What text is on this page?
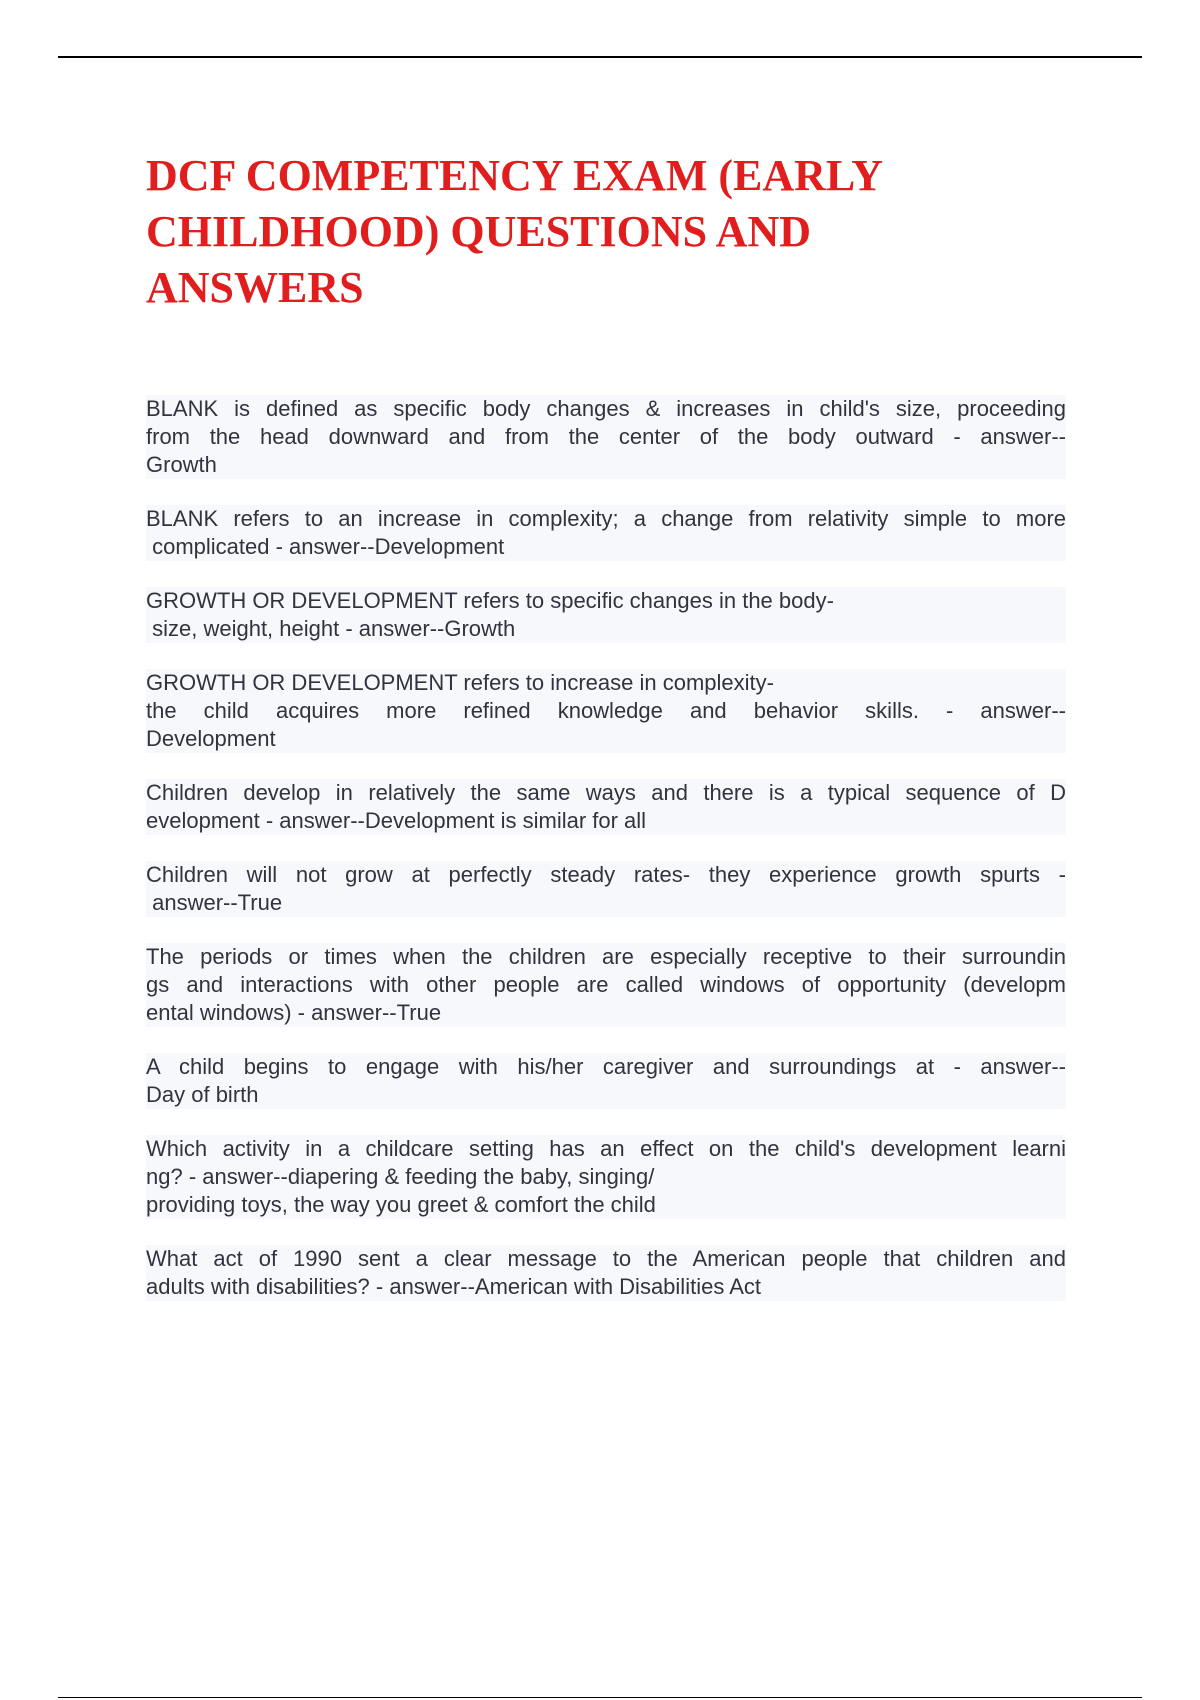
DCF COMPETENCY EXAM (EARLY
CHILDHOOD) QUESTIONS AND
ANSWERS

BLANK is defined as specific body changes & increases in child's size, proceeding
from the head downward and from the center of the body outward - answer--
Growth

BLANK refers to an increase in complexity; a change from relativity simple to more
complicated - answer--Development

GROWTH OR DEVELOPMENT refers to specific changes in the body-
size, weight, height - answer--Growth

GROWTH OR DEVELOPMENT refers to increase in complexity-
the child acquires more refined knowledge and behavior skills. - answer--
Development

Children develop in relatively the same ways and there is a typical sequence of D
evelopment - answer--Development is similar for all

Children will not grow at perfectly steady rates- they experience growth spurts -
answer--True

The periods or times when the children are especially receptive to their surroundin
gs and interactions with other people are called windows of opportunity (developm
ental windows) - answer--True

A child begins to engage with his/her caregiver and surroundings at - answer--
Day of birth

Which activity in a childcare setting has an effect on the child's development learni
ng? - answer--diapering & feeding the baby, singing/
providing toys, the way you greet & comfort the child

What act of 1990 sent a clear message to the American people that children and
adults with disabilities? - answer--American with Disabilities Act
